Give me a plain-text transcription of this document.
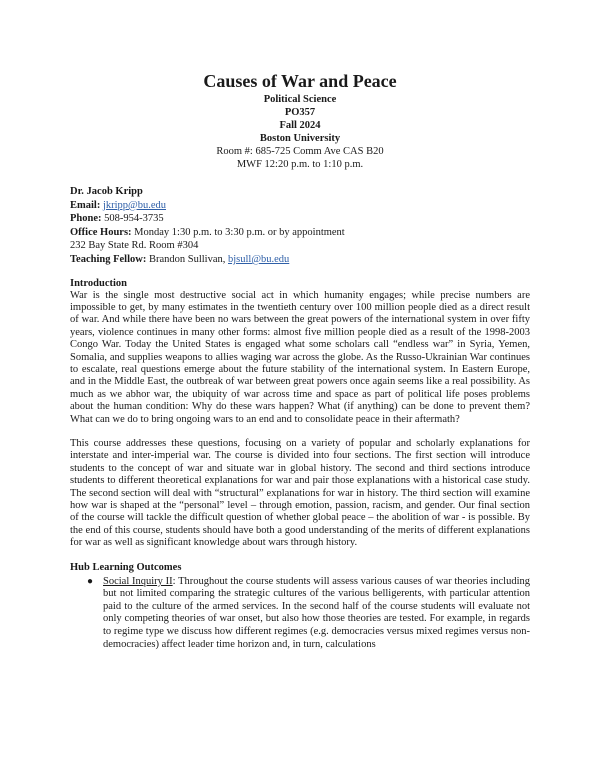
Causes of War and Peace
Political Science
PO357
Fall 2024
Boston University
Room #: 685-725 Comm Ave CAS B20
MWF 12:20 p.m. to 1:10 p.m.
Dr. Jacob Kripp
Email: jkripp@bu.edu
Phone: 508-954-3735
Office Hours: Monday 1:30 p.m. to 3:30 p.m. or by appointment
232 Bay State Rd. Room #304
Teaching Fellow: Brandon Sullivan, bjsull@bu.edu
Introduction

War is the single most destructive social act in which humanity engages; while precise numbers are impossible to get, by many estimates in the twentieth century over 100 million people died as a direct result of war. And while there have been no wars between the great powers of the international system in over fifty years, violence continues in many other forms: almost five million people died as a result of the 1998-2003 Congo War. Today the United States is engaged what some scholars call “endless war” in Syria, Yemen, Somalia, and supplies weapons to allies waging war across the globe. As the Russo-Ukrainian War continues to escalate, real questions emerge about the future stability of the international system. In Eastern Europe, and in the Middle East, the outbreak of war between great powers once again seems like a real possibility. As much as we abhor war, the ubiquity of war across time and space as part of political life poses problems about the human condition: Why do these wars happen? What (if anything) can be done to prevent them? What can we do to bring ongoing wars to an end and to consolidate peace in their aftermath?

This course addresses these questions, focusing on a variety of popular and scholarly explanations for interstate and inter-imperial war. The course is divided into four sections. The first section will introduce students to the concept of war and situate war in global history. The second and third sections introduce students to different theoretical explanations for war and pair those explanations with a historical case study. The second section will deal with “structural” explanations for war in history. The third section will examine how war is shaped at the “personal” level – through emotion, passion, racism, and gender. Our final section of the course will tackle the difficult question of whether global peace – the abolition of war - is possible. By the end of this course, students should have both a good understanding of the merits of different explanations for war as well as significant knowledge about wars through history.

Hub Learning Outcomes
● Social Inquiry II: Throughout the course students will assess various causes of war theories including but not limited comparing the strategic cultures of the various belligerents, with particular attention paid to the culture of the armed services. In the second half of the course students will evaluate not only competing theories of war onset, but also how those theories are tested. For example, in regards to regime type we discuss how different regimes (e.g. democracies versus mixed regimes versus non-democracies) affect leader time horizon and, in turn, calculations
